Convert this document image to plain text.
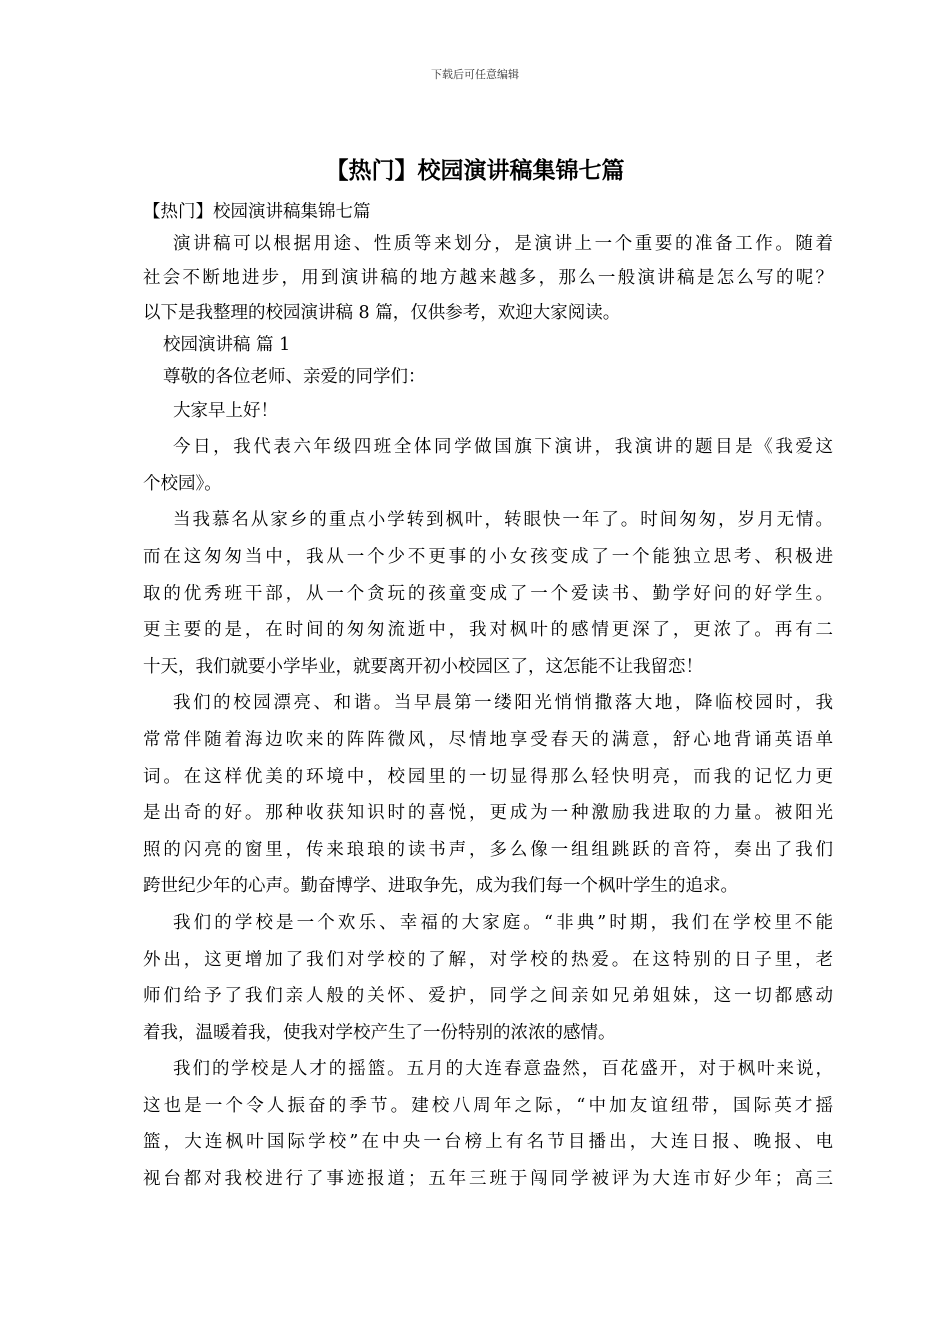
下载后可任意编辑
【热门】校园演讲稿集锦七篇
【热门】校园演讲稿集锦七篇
演讲稿可以根据用途、性质等来划分，是演讲上一个重要的准备工作。随着
社会不断地进步，用到演讲稿的地方越来越多，那么一般演讲稿是怎么写的呢？
以下是我整理的校园演讲稿 8 篇，仅供参考，欢迎大家阅读。
校园演讲稿 篇 1
尊敬的各位老师、亲爱的同学们：
大家早上好！
今日，我代表六年级四班全体同学做国旗下演讲，我演讲的题目是《我爱这
个校园》。
当我慕名从家乡的重点小学转到枫叶，转眼快一年了。时间匆匆，岁月无情。
而在这匆匆当中，我从一个少不更事的小女孩变成了一个能独立思考、积极进
取的优秀班干部，从一个贪玩的孩童变成了一个爱读书、勤学好问的好学生。
更主要的是，在时间的匆匆流逝中，我对枫叶的感情更深了，更浓了。再有二
十天，我们就要小学毕业，就要离开初小校园区了，这怎能不让我留恋！
我们的校园漂亮、和谐。当早晨第一缕阳光悄悄撒落大地，降临校园时，我
常常伴随着海边吹来的阵阵微风，尽情地享受春天的满意，舒心地背诵英语单
词。在这样优美的环境中，校园里的一切显得那么轻快明亮，而我的记忆力更
是出奇的好。那种收获知识时的喜悦，更成为一种激励我进取的力量。被阳光
照的闪亮的窗里，传来琅琅的读书声，多么像一组组跳跃的音符，奏出了我们
跨世纪少年的心声。勤奋博学、进取争先，成为我们每一个枫叶学生的追求。
我们的学校是一个欢乐、幸福的大家庭。“非典”时期，我们在学校里不能
外出，这更增加了我们对学校的了解，对学校的热爱。在这特别的日子里，老
师们给予了我们亲人般的关怀、爱护，同学之间亲如兄弟姐妹，这一切都感动
着我，温暖着我，使我对学校产生了一份特别的浓浓的感情。
我们的学校是人才的摇篮。五月的大连春意盎然，百花盛开，对于枫叶来说，
这也是一个令人振奋的季节。建校八周年之际，“中加友谊纽带，国际英才摇
篮，大连枫叶国际学校”在中央一台榜上有名节目播出，大连日报、晚报、电
视台都对我校进行了事迹报道；五年三班于闯同学被评为大连市好少年；高三
